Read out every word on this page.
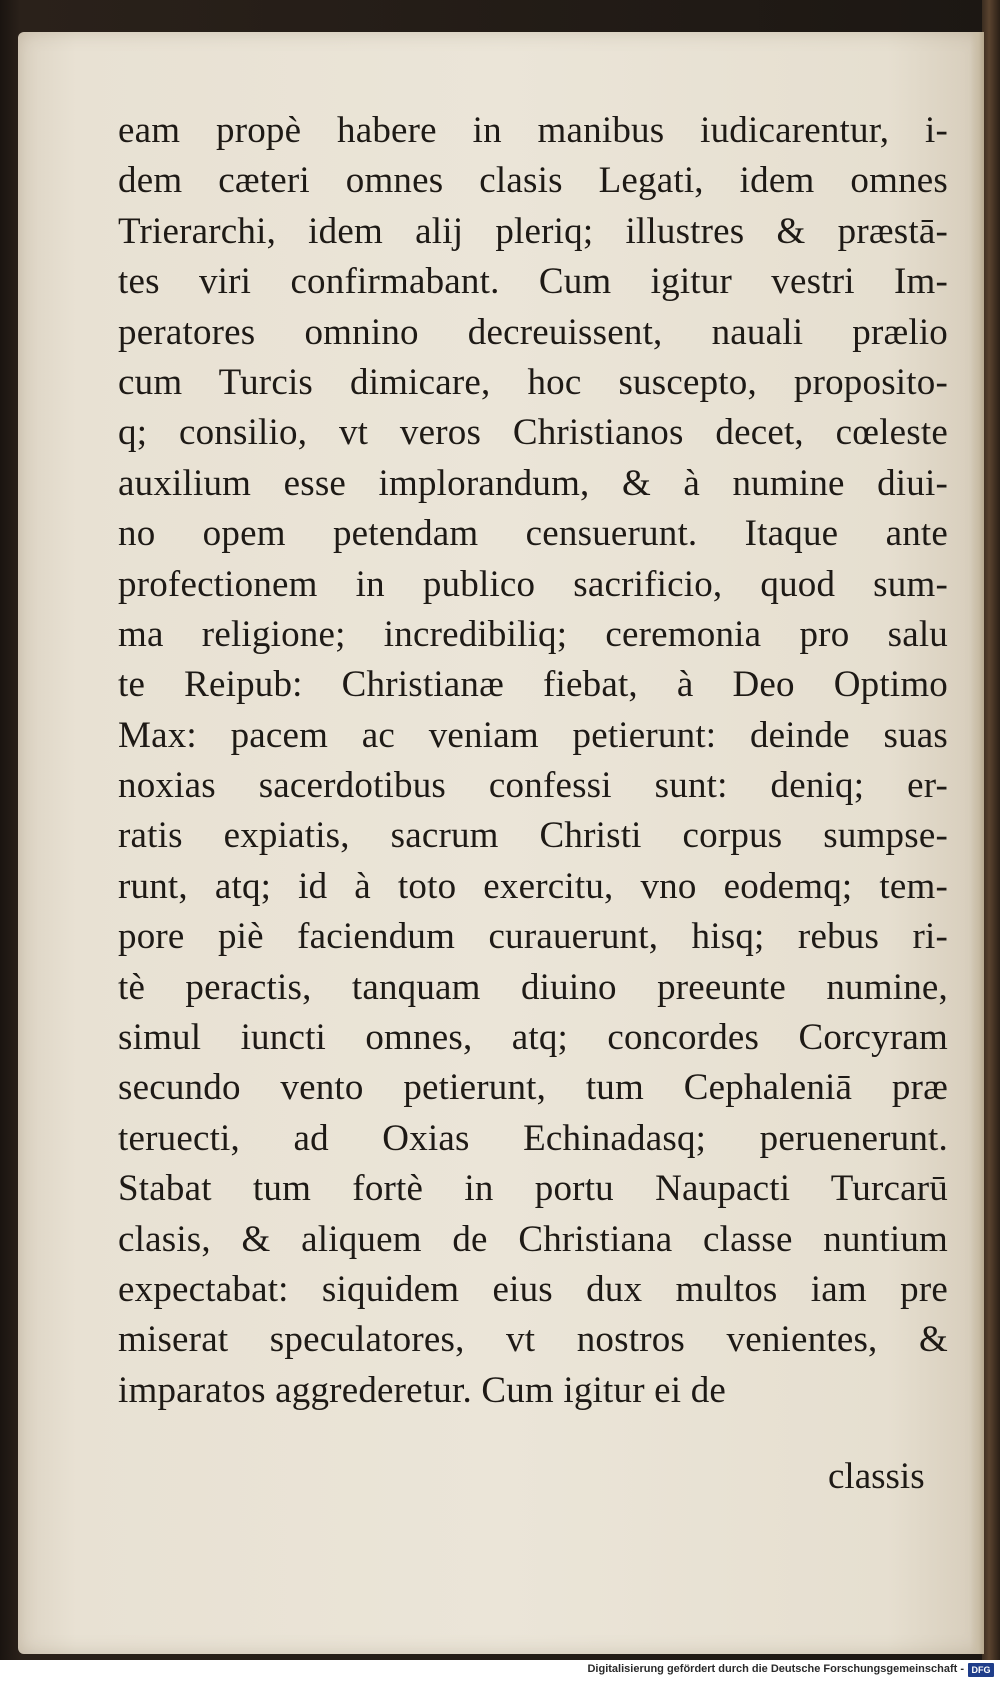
eam propè habere in manibus iudicarentur, i-
dem cæteri omnes clasis Legati, idem omnes
Trierarchi, idem alij pleriq; illustres & præstā-
tes viri confirmabant. Cum igitur vestri Im-
peratores omnino decreuissent, nauali prælio
cum Turcis dimicare, hoc suscepto, proposito-
q; consilio, vt veros Christianos decet, cœleste
auxilium esse implorandum, & à numine diui-
no opem petendam censuerunt. Itaque ante
profectionem in publico sacrificio, quod sum-
ma religione; incredibiliq; ceremonia pro salu
te Reipub: Christianæ fiebat, à Deo Optimo
Max: pacem ac veniam petierunt: deinde suas
noxias sacerdotibus confessi sunt: deniq; er-
ratis expiatis, sacrum Christi corpus sumpse-
runt, atq; id à toto exercitu, vno eodemq; tem-
pore piè faciendum curauerunt, hisq; rebus ri-
tè peractis, tanquam diuino preeunte numine,
simul iuncti omnes, atq; concordes Corcyram
secundo vento petierunt, tum Cephaleniā præ
teruecti, ad Oxias Echinadasq; peruenerunt.
Stabat tum fortè in portu Naupacti Turcarū
clasis, & aliquem de Christiana classe nuntium
expectabat: siquidem eius dux multos iam pre
miserat speculatores, vt nostros venientes, &
imparatos aggrederetur. Cum igitur ei de
classis
Digitalisierung gefördert durch die Deutsche Forschungsgemeinschaft - DFG
